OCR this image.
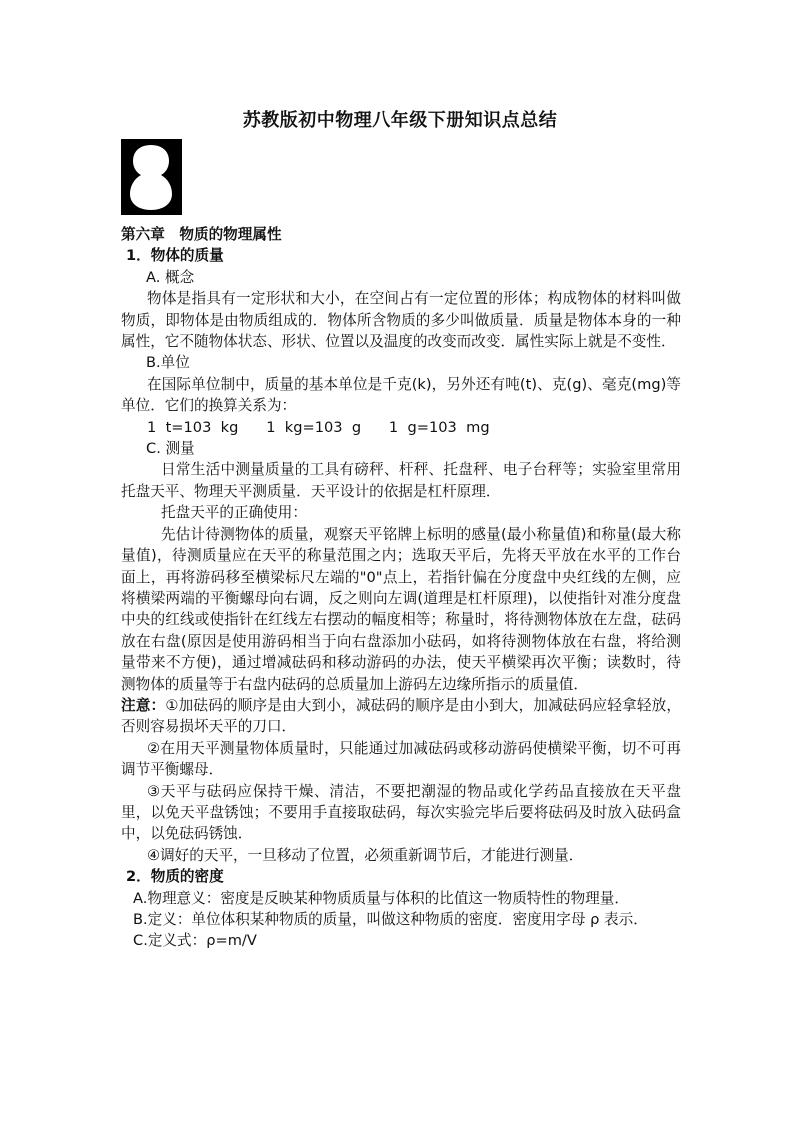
苏教版初中物理八年级下册知识点总结

第六章　物质的物理属性

1．物体的质量

A. 概念

物体是指具有一定形状和大小，在空间占有一定位置的形体；构成物体的材料叫做物质，即物体是由物质组成的．物体所含物质的多少叫做质量．质量是物体本身的一种属性，它不随物体状态、形状、位置以及温度的改变而改变．属性实际上就是不变性．

B.单位

在国际单位制中，质量的基本单位是千克(k)，另外还有吨(t)、克(g)、毫克(mg)等单位．它们的换算关系为：

1  t=103  kg      1  kg=103  g      1  g=103  mg

C. 测量

日常生活中测量质量的工具有磅秤、杆秤、托盘秤、电子台秤等；实验室里常用托盘天平、物理天平测质量．天平设计的依据是杠杆原理．

托盘天平的正确使用：

先估计待测物体的质量，观察天平铭牌上标明的感量(最小称量值)和称量(最大称量值)，待测质量应在天平的称量范围之内；选取天平后，先将天平放在水平的工作台面上，再将游码移至横梁标尺左端的"0"点上，若指针偏在分度盘中央红线的左侧，应将横梁两端的平衡螺母向右调，反之则向左调(道理是杠杆原理)，以使指针对准分度盘中央的红线或使指针在红线左右摆动的幅度相等；称量时，将待测物体放在左盘，砝码放在右盘(原因是使用游码相当于向右盘添加小砝码，如将待测物体放在右盘，将给测量带来不方便)，通过增减砝码和移动游码的办法，使天平横梁再次平衡；读数时，待测物体的质量等于右盘内砝码的总质量加上游码左边缘所指示的质量值．

注意：①加砝码的顺序是由大到小，减砝码的顺序是由小到大，加减砝码应轻拿轻放，否则容易损坏天平的刀口．

②在用天平测量物体质量时，只能通过加减砝码或移动游码使横梁平衡，切不可再调节平衡螺母．

③天平与砝码应保持干燥、清洁，不要把潮湿的物品或化学药品直接放在天平盘里，以免天平盘锈蚀；不要用手直接取砝码，每次实验完毕后要将砝码及时放入砝码盒中，以免砝码锈蚀．

④调好的天平，一旦移动了位置，必须重新调节后，才能进行测量．

2．物质的密度

A.物理意义：密度是反映某种物质质量与体积的比值这一物质特性的物理量．

B.定义：单位体积某种物质的质量，叫做这种物质的密度．密度用字母 ρ 表示．

C.定义式：ρ=m/V
